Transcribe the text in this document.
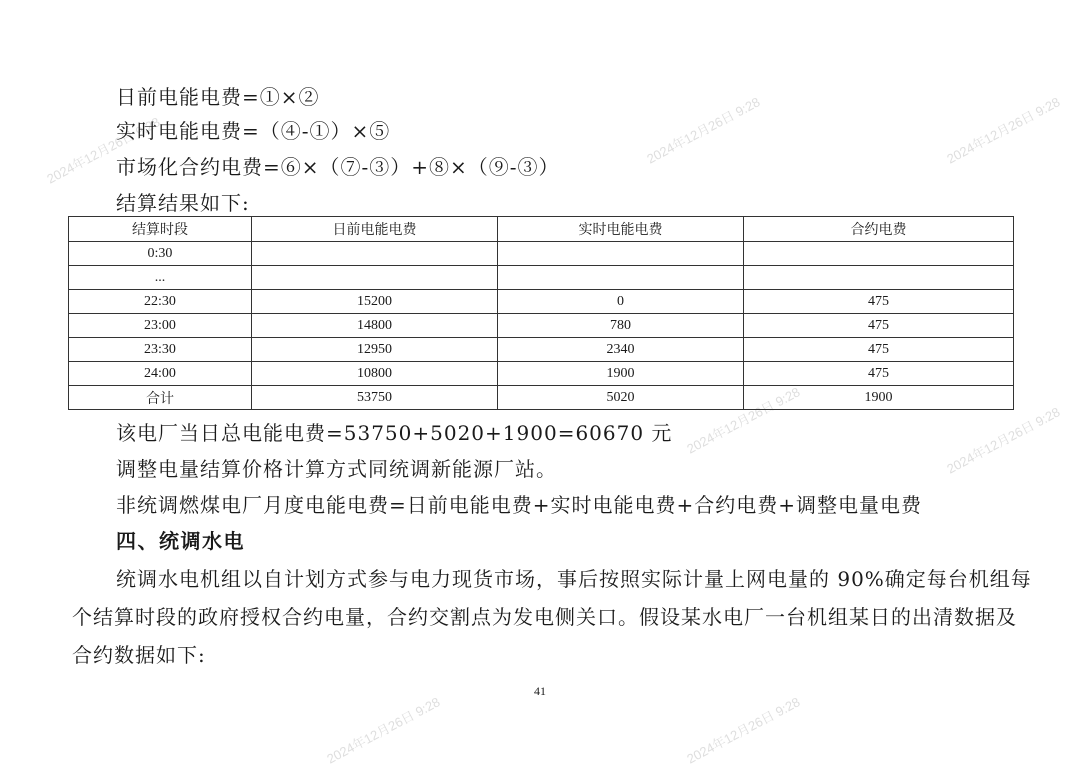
2024年12月26日 9:28	2024年12月26日 9:28	2024年12月26日 9:28
2024年12月26日 9:28	2024年12月26日 9:28
2024年12月26日 9:28	2024年12月26日 9:28
日前电能电费=①×②
实时电能电费=（④-①）×⑤
市场化合约电费=⑥×（⑦-③）+⑧×（⑨-③）
结算结果如下:
结算时段	日前电能电费	实时电能电费	合约电费
0:30			
...			
22:30	15200	0	475
23:00	14800	780	475
23:30	12950	2340	475
24:00	10800	1900	475
合计	53750	5020	1900
该电厂当日总电能电费=53750+5020+1900=60670 元
调整电量结算价格计算方式同统调新能源厂站。
非统调燃煤电厂月度电能电费=日前电能电费+实时电能电费+合约电费+调整电量电费
四、统调水电
统调水电机组以自计划方式参与电力现货市场，事后按照实际计量上网电量的 90%确定每台机组每
个结算时段的政府授权合约电量，合约交割点为发电侧关口。假设某水电厂一台机组某日的出清数据及
合约数据如下:
41
